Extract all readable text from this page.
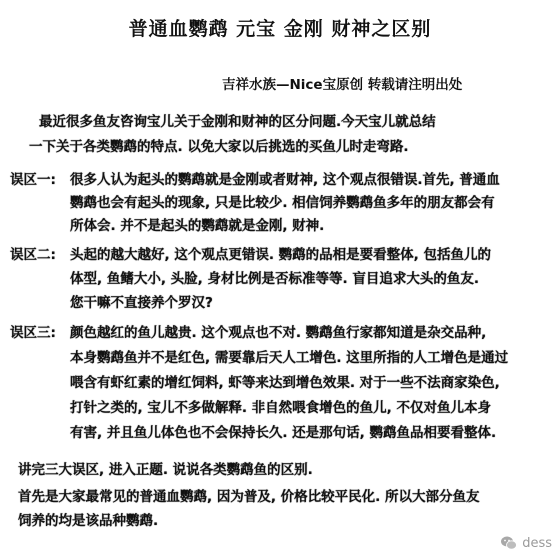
普通血鹦鹉 元宝 金刚 财神之区别
吉祥水族—Nice宝原创 转载请注明出处
最近很多鱼友咨询宝儿关于金刚和财神的区分问题.今天宝儿就总结
一下关于各类鹦鹉的特点. 以免大家以后挑选的买鱼儿时走弯路.
误区一: 很多人认为起头的鹦鹉就是金刚或者财神, 这个观点很错误.首先, 普通血
鹦鹉也会有起头的现象, 只是比较少. 相信饲养鹦鹉鱼多年的朋友都会有
所体会. 并不是起头的鹦鹉就是金刚, 财神.
误区二: 头起的越大越好, 这个观点更错误. 鹦鹉的品相是要看整体, 包括鱼儿的
体型, 鱼鳍大小, 头脸, 身材比例是否标准等等. 盲目追求大头的鱼友.
您干嘛不直接养个罗汉?
误区三: 颜色越红的鱼儿越贵. 这个观点也不对. 鹦鹉鱼行家都知道是杂交品种,
本身鹦鹉鱼并不是红色, 需要靠后天人工增色. 这里所指的人工增色是通过
喂含有虾红素的增红饲料, 虾等来达到增色效果. 对于一些不法商家染色,
打针之类的, 宝儿不多做解释. 非自然喂食增色的鱼儿, 不仅对鱼儿本身
有害, 并且鱼儿体色也不会保持长久. 还是那句话, 鹦鹉鱼品相要看整体.
讲完三大误区, 进入正题. 说说各类鹦鹉鱼的区别.
首先是大家最常见的普通血鹦鹉, 因为普及, 价格比较平民化. 所以大部分鱼友
饲养的均是该品种鹦鹉.
dess
